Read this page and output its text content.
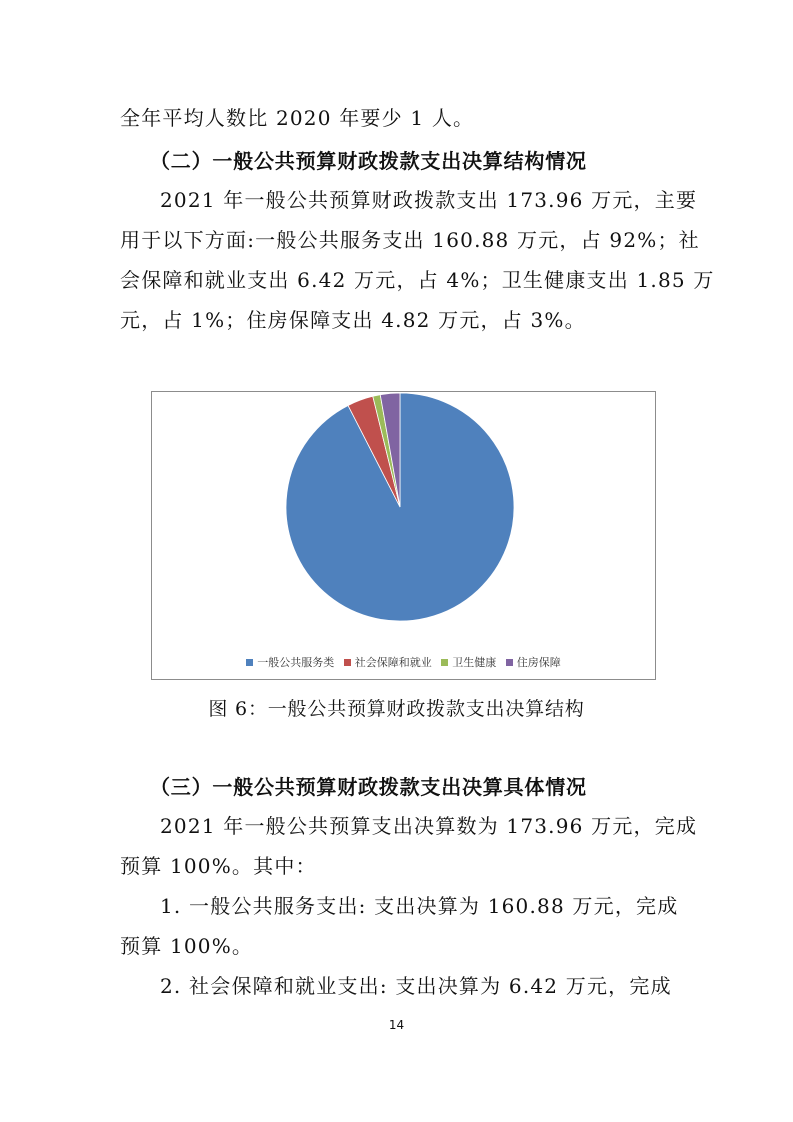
全年平均人数比 2020 年要少 1 人。
（二）一般公共预算财政拨款支出决算结构情况
2021 年一般公共预算财政拨款支出 173.96 万元，主要
用于以下方面:一般公共服务支出 160.88 万元，占 92%；社
会保障和就业支出 6.42 万元，占 4%；卫生健康支出 1.85 万
元，占 1%；住房保障支出 4.82 万元，占 3%。
一般公共服务类 社会保障和就业 卫生健康 住房保障
图 6：一般公共预算财政拨款支出决算结构
（三）一般公共预算财政拨款支出决算具体情况
2021 年一般公共预算支出决算数为 173.96 万元，完成
预算 100%。其中：
1. 一般公共服务支出: 支出决算为 160.88 万元，完成
预算 100%。
2. 社会保障和就业支出: 支出决算为 6.42 万元，完成
14
